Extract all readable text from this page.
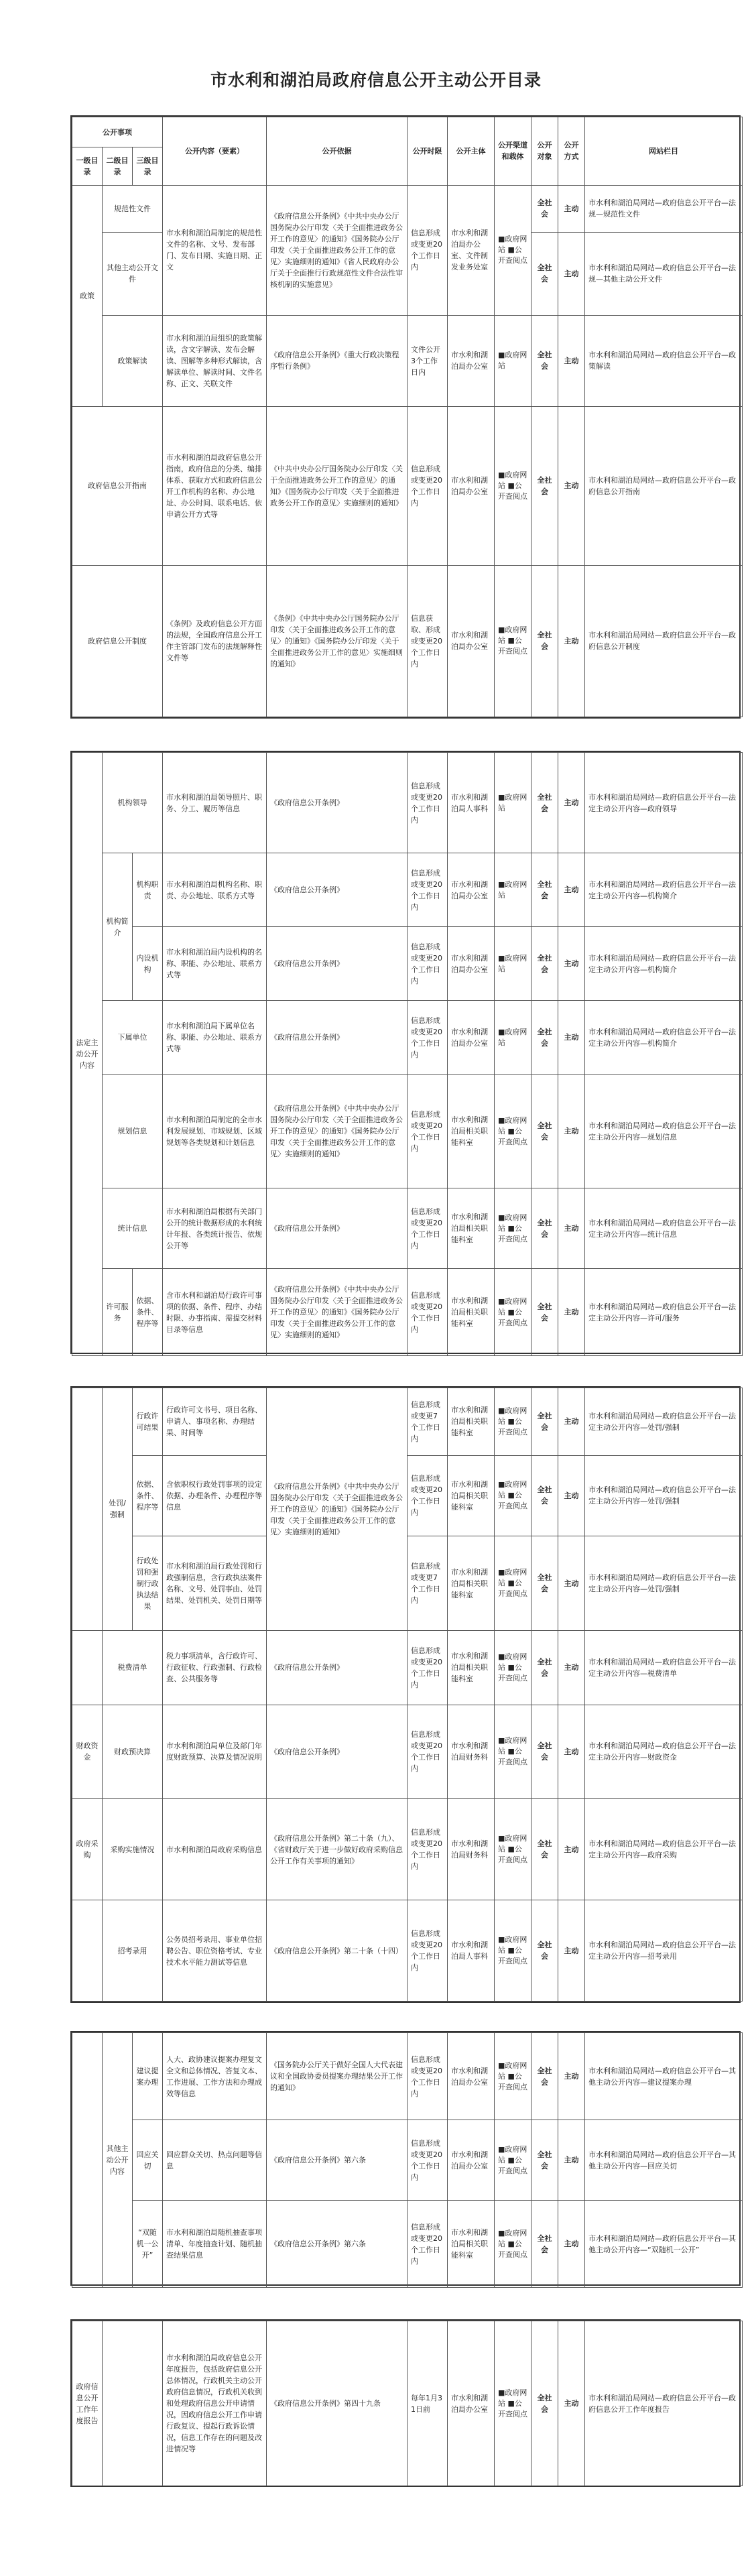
市水利和湖泊局政府信息公开主动公开目录
公开事项			公开内容（要素）	公开依据	公开时限	公开主体	公开渠道和载体	公开对象	公开方式	网站栏目
一级目录	二级目录	三级目录								
政策	规范性文件		市水利和湖泊局制定的规范性文件的名称、文号、发布部门、发布日期、实施日期、正文	《政府信息公开条例》《中共中央办公厅国务院办公厅印发〈关于全面推进政务公开工作的意见〉的通知》《国务院办公厅印发〈关于全面推进政务公开工作的意见〉实施细则的通知》《省人民政府办公厅关于全面推行行政规范性文件合法性审核机制的实施意见》	信息形成或变更20个工作日内	市水利和湖泊局办公室、文件制发业务处室	■政府网站 ■公开查阅点	全社会	主动	市水利和湖泊局网站—政府信息公开平台—法规—规范性文件
	其他主动公开文件							全社会	主动	市水利和湖泊局网站—政府信息公开平台—法规—其他主动公开文件
	政策解读		市水利和湖泊局组织的政策解读，含文字解读、发布会解读、图解等多种形式解读，含解读单位、解读时间、文件名称、正文、关联文件	《政府信息公开条例》《重大行政决策程序暂行条例》	文件公开3个工作日内	市水利和湖泊局办公室	■政府网站	全社会	主动	市水利和湖泊局网站—政府信息公开平台—政策解读
政府信息公开指南			市水利和湖泊局政府信息公开指南，政府信息的分类、编排体系、获取方式和政府信息公开工作机构的名称、办公地址、办公时间、联系电话、依申请公开方式等	《中共中央办公厅国务院办公厅印发〈关于全面推进政务公开工作的意见〉的通知》《国务院办公厅印发〈关于全面推进政务公开工作的意见〉实施细则的通知》	信息形成或变更20个工作日内	市水利和湖泊局办公室	■政府网站 ■公开查阅点	全社会	主动	市水利和湖泊局网站—政府信息公开平台—政府信息公开指南
政府信息公开制度			《条例》及政府信息公开方面的法规，全国政府信息公开工作主管部门发布的法规解释性文件等	《条例》《中共中央办公厅国务院办公厅印发〈关于全面推进政务公开工作的意见〉的通知》《国务院办公厅印发〈关于全面推进政务公开工作的意见〉实施细则的通知》	信息获取、形成或变更20个工作日内	市水利和湖泊局办公室	■政府网站 ■公开查阅点	全社会	主动	市水利和湖泊局网站—政府信息公开平台—政府信息公开制度
法定主动公开内容	机构领导		市水利和湖泊局领导照片、职务、分工、履历等信息	《政府信息公开条例》	信息形成或变更20个工作日内	市水利和湖泊局人事科	■政府网站	全社会	主动	市水利和湖泊局网站—政府信息公开平台—法定主动公开内容—政府领导
	机构简介	机构职责	市水利和湖泊局机构名称、职责、办公地址、联系方式等	《政府信息公开条例》	信息形成或变更20个工作日内	市水利和湖泊局办公室	■政府网站	全社会	主动	市水利和湖泊局网站—政府信息公开平台—法定主动公开内容—机构简介
		内设机构	市水利和湖泊局内设机构的名称、职能、办公地址、联系方式等	《政府信息公开条例》	信息形成或变更20个工作日内	市水利和湖泊局办公室	■政府网站	全社会	主动	市水利和湖泊局网站—政府信息公开平台—法定主动公开内容—机构简介
	下属单位		市水利和湖泊局下属单位名称、职能、办公地址、联系方式等	《政府信息公开条例》	信息形成或变更20个工作日内	市水利和湖泊局办公室	■政府网站	全社会	主动	市水利和湖泊局网站—政府信息公开平台—法定主动公开内容—机构简介
	规划信息		市水利和湖泊局制定的全市水利发展规划、市域规划、区域规划等各类规划和计划信息	《政府信息公开条例》《中共中央办公厅国务院办公厅印发〈关于全面推进政务公开工作的意见〉的通知》《国务院办公厅印发〈关于全面推进政务公开工作的意见〉实施细则的通知》	信息形成或变更20个工作日内	市水利和湖泊局相关职能科室	■政府网站 ■公开查阅点	全社会	主动	市水利和湖泊局网站—政府信息公开平台—法定主动公开内容—规划信息
	统计信息		市水利和湖泊局根据有关部门公开的统计数据形成的水利统计年报、各类统计报告、依规公开等	《政府信息公开条例》	信息形成或变更20个工作日内	市水利和湖泊局相关职能科室	■政府网站 ■公开查阅点	全社会	主动	市水利和湖泊局网站—政府信息公开平台—法定主动公开内容—统计信息
	许可服务	依据、条件、程序等	含市水利和湖泊局行政许可事项的依据、条件、程序、办结时限、办事指南、需提交材料目录等信息	《政府信息公开条例》《中共中央办公厅国务院办公厅印发〈关于全面推进政务公开工作的意见〉的通知》《国务院办公厅印发〈关于全面推进政务公开工作的意见〉实施细则的通知》	信息形成或变更20个工作日内	市水利和湖泊局相关职能科室	■政府网站 ■公开查阅点	全社会	主动	市水利和湖泊局网站—政府信息公开平台—法定主动公开内容—许可/服务
	处罚/强制	行政许可结果	行政许可文书号、项目名称、申请人、事项名称、办理结果、时间等	《政府信息公开条例》《中共中央办公厅国务院办公厅印发〈关于全面推进政务公开工作的意见〉的通知》《国务院办公厅印发〈关于全面推进政务公开工作的意见〉实施细则的通知》	信息形成或变更7个工作日内	市水利和湖泊局相关职能科室	■政府网站 ■公开查阅点	全社会	主动	市水利和湖泊局网站—政府信息公开平台—法定主动公开内容—处罚/强制
		依据、条件、程序等	含依职权行政处罚事项的设定依据、办理条件、办理程序等信息		信息形成或变更20个工作日内	市水利和湖泊局相关职能科室	■政府网站 ■公开查阅点	全社会	主动	市水利和湖泊局网站—政府信息公开平台—法定主动公开内容—处罚/强制
		行政处罚和强制行政执法结果	市水利和湖泊局行政处罚和行政强制信息，含行政执法案件名称、文号、处罚事由、处罚结果、处罚机关、处罚日期等		信息形成或变更7个工作日内	市水利和湖泊局相关职能科室	■政府网站 ■公开查阅点	全社会	主动	市水利和湖泊局网站—政府信息公开平台—法定主动公开内容—处罚/强制
	税费清单		税力事项清单，含行政许可、行政征收、行政强制、行政检查、公共服务等	《政府信息公开条例》	信息形成或变更20个工作日内	市水利和湖泊局相关职能科室	■政府网站 ■公开查阅点	全社会	主动	市水利和湖泊局网站—政府信息公开平台—法定主动公开内容—税费清单
财政资金	财政预决算		市水利和湖泊局单位及部门年度财政预算、决算及情况说明	《政府信息公开条例》	信息形成或变更20个工作日内	市水利和湖泊局财务科	■政府网站 ■公开查阅点	全社会	主动	市水利和湖泊局网站—政府信息公开平台—法定主动公开内容—财政资金
政府采购	采购实施情况		市水利和湖泊局政府采购信息	《政府信息公开条例》第二十条（九）、《省财政厅关于进一步做好政府采购信息公开工作有关事项的通知》	信息形成或变更20个工作日内	市水利和湖泊局财务科	■政府网站 ■公开查阅点	全社会	主动	市水利和湖泊局网站—政府信息公开平台—法定主动公开内容—政府采购
	招考录用		公务员招考录用、事业单位招聘公告、职位资格考试、专业技术水平能力测试等信息	《政府信息公开条例》第二十条（十四）	信息形成或变更20个工作日内	市水利和湖泊局人事科	■政府网站 ■公开查阅点	全社会	主动	市水利和湖泊局网站—政府信息公开平台—法定主动公开内容—招考录用
	其他主动公开内容	建议提案办理	人大、政协建议提案办理复文全文和总体情况、答复文本、工作进展、工作方法和办理成效等信息	《国务院办公厅关于做好全国人大代表建议和全国政协委员提案办理结果公开工作的通知》	信息形成或变更20个工作日内	市水利和湖泊局办公室	■政府网站 ■公开查阅点	全社会	主动	市水利和湖泊局网站—政府信息公开平台—其他主动公开内容—建议提案办理
		回应关切	回应群众关切、热点问题等信息	《政府信息公开条例》第六条	信息形成或变更20个工作日内	市水利和湖泊局办公室	■政府网站 ■公开查阅点	全社会	主动	市水利和湖泊局网站—政府信息公开平台—其他主动公开内容—回应关切
		“双随机一公开”	市水利和湖泊局随机抽查事项清单、年度抽查计划、随机抽查结果信息	《政府信息公开条例》第六条	信息形成或变更20个工作日内	市水利和湖泊局相关职能科室	■政府网站 ■公开查阅点	全社会	主动	市水利和湖泊局网站—政府信息公开平台—其他主动公开内容—“双随机一公开”
政府信息公开工作年度报告		市水利和湖泊局政府信息公开年度报告，包括政府信息公开总体情况，行政机关主动公开政府信息情况，行政机关收到和处理政府信息公开申请情况，因政府信息公开工作申请行政复议、提起行政诉讼情况，信息工作存在的问题及改进情况等	《政府信息公开条例》第四十九条	每年1月31日前	市水利和湖泊局办公室	■政府网站 ■公开查阅点	全社会	主动	市水利和湖泊局网站—政府信息公开平台—政府信息公开工作年度报告
